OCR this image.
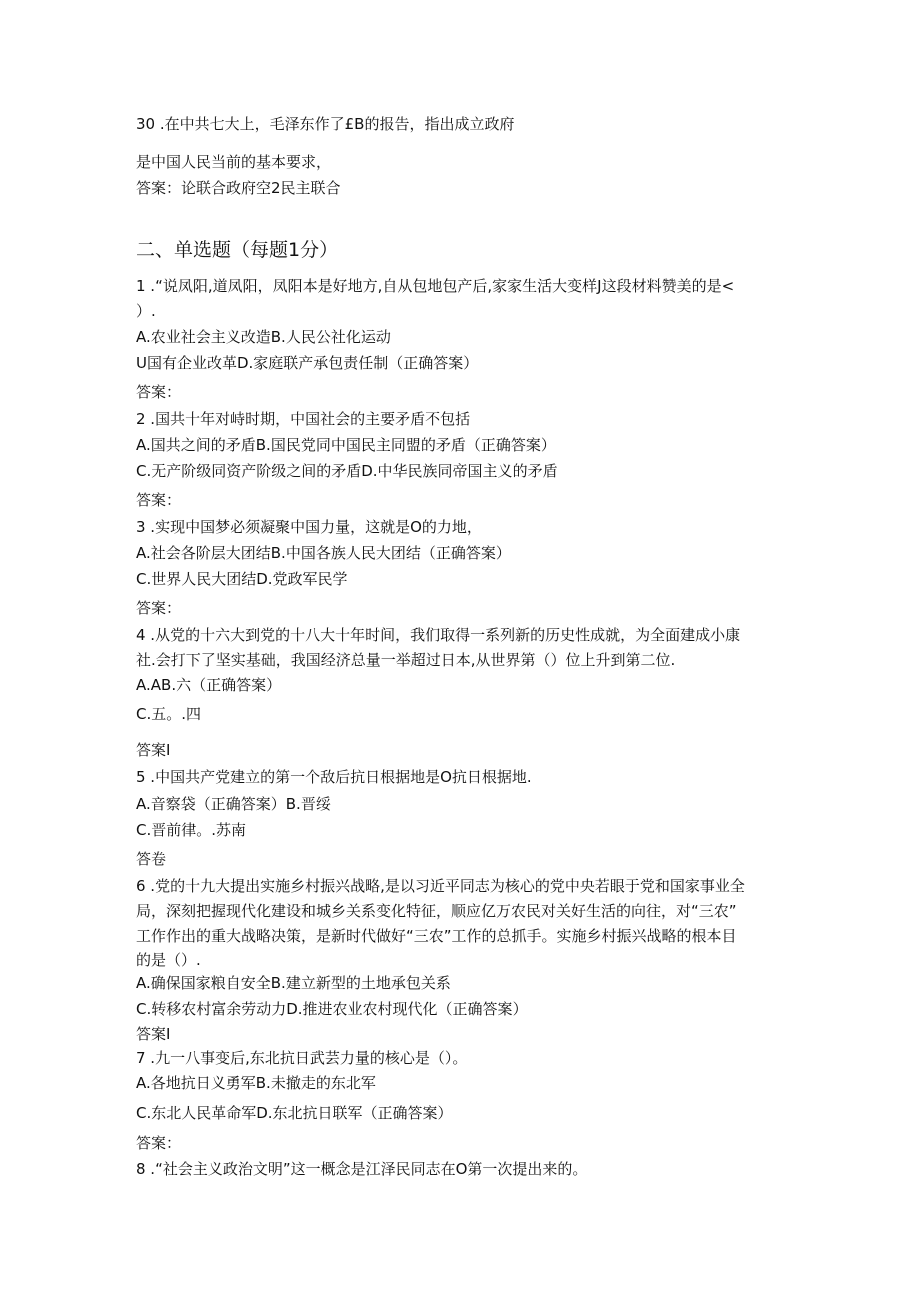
30 .在中共七大上，毛泽东作了£B的报告，指出成立政府
是中国人民当前的基本要求，
答案：论联合政府空2民主联合
二、单选题（每题1分）
1 .“说凤阳,道凤阳，凤阳本是好地方,自从包地包产后,家家生活大变样J这段材料赞美的是<
）.
A.农业社会主义改造B.人民公社化运动
U国有企业改革D.家庭联产承包责任制（正确答案）
答案：
2 .国共十年对峙时期，中国社会的主要矛盾不包括
A.国共之间的矛盾B.国民党同中国民主同盟的矛盾（正确答案）
C.无产阶级同资产阶级之间的矛盾D.中华民族同帝国主义的矛盾
答案：
3 .实现中国梦必须凝聚中国力量，这就是O的力地，
A.社会各阶层大团结B.中国各族人民大团结（正确答案）
C.世界人民大团结D.党政军民学
答案：
4 .从党的十六大到党的十八大十年时间，我们取得一系列新的历史性成就，为全面建成小康
社.会打下了坚实基础，我国经济总量一举超过日本,从世界第（）位上升到第二位.
A.AB.六（正确答案）
C.五。.四
答案I
5 .中国共产党建立的第一个敌后抗日根据地是O抗日根据地.
A.音察袋（正确答案）B.晋绥
C.晋前律。.苏南
答卷
6 .党的十九大提出实施乡村振兴战略,是以习近平同志为核心的党中央若眼于党和国家事业全
局，深刻把握现代化建设和城乡关系变化特征，顺应亿万农民对关好生活的向往，对“三农”
工作作出的重大战略决策，是新时代做好“三农”工作的总抓手。实施乡村振兴战略的根本目
的是（）.
A.确保国家粮自安全B.建立新型的土地承包关系
C.转移农村富余劳动力D.推进农业农村现代化（正确答案）
答案I
7 .九一八事变后,东北抗日武芸力量的核心是（）。
A.各地抗日义勇军B.未撤走的东北军
C.东北人民革命军D.东北抗日联军（正确答案）
答案：
8 .“社会主义政治文明”这一概念是江泽民同志在O第一次提出来的。
